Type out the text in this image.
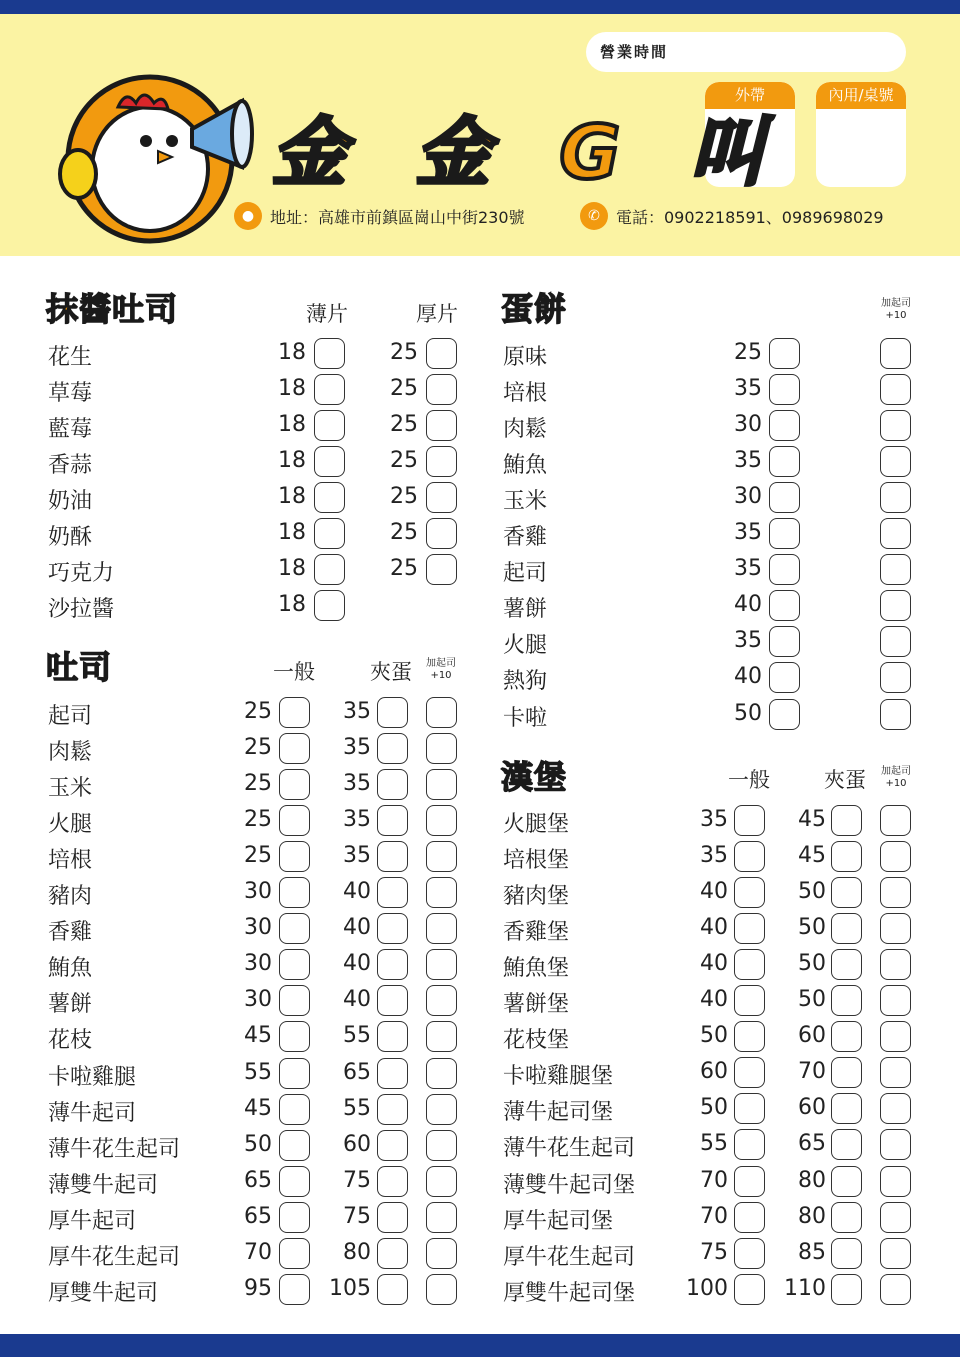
營業時間
外帶	內用/桌號
金 金 G 叫
● 地址：高雄市前鎮區崗山中街230號	✆	電話：0902218591、0989698029
抹醬吐司	薄片	厚片
花生	18	25
草莓	18	25
藍莓	18	25
香蒜	18	25
奶油	18	25
奶酥	18	25
巧克力	18	25
沙拉醬	18
吐司	一般	夾蛋	加起司
+10
起司	25	35
肉鬆	25	35
玉米	25	35
火腿	25	35
培根	25	35
豬肉	30	40
香雞	30	40
鮪魚	30	40
薯餅	30	40
花枝	45	55
卡啦雞腿	55	65
薄牛起司	45	55
薄牛花生起司	50	60
薄雙牛起司	65	75
厚牛起司	65	75
厚牛花生起司	70	80
厚雙牛起司	95	105
蛋餅	加起司
+10
原味	25
培根	35
肉鬆	30
鮪魚	35
玉米	30
香雞	35
起司	35
薯餅	40
火腿	35
熱狗	40
卡啦	50
漢堡	一般	夾蛋	加起司
+10
火腿堡	35	45
培根堡	35	45
豬肉堡	40	50
香雞堡	40	50
鮪魚堡	40	50
薯餅堡	40	50
花枝堡	50	60
卡啦雞腿堡	60	70
薄牛起司堡	50	60
薄牛花生起司	55	65
薄雙牛起司堡	70	80
厚牛起司堡	70	80
厚牛花生起司	75	85
厚雙牛起司堡	100	110
